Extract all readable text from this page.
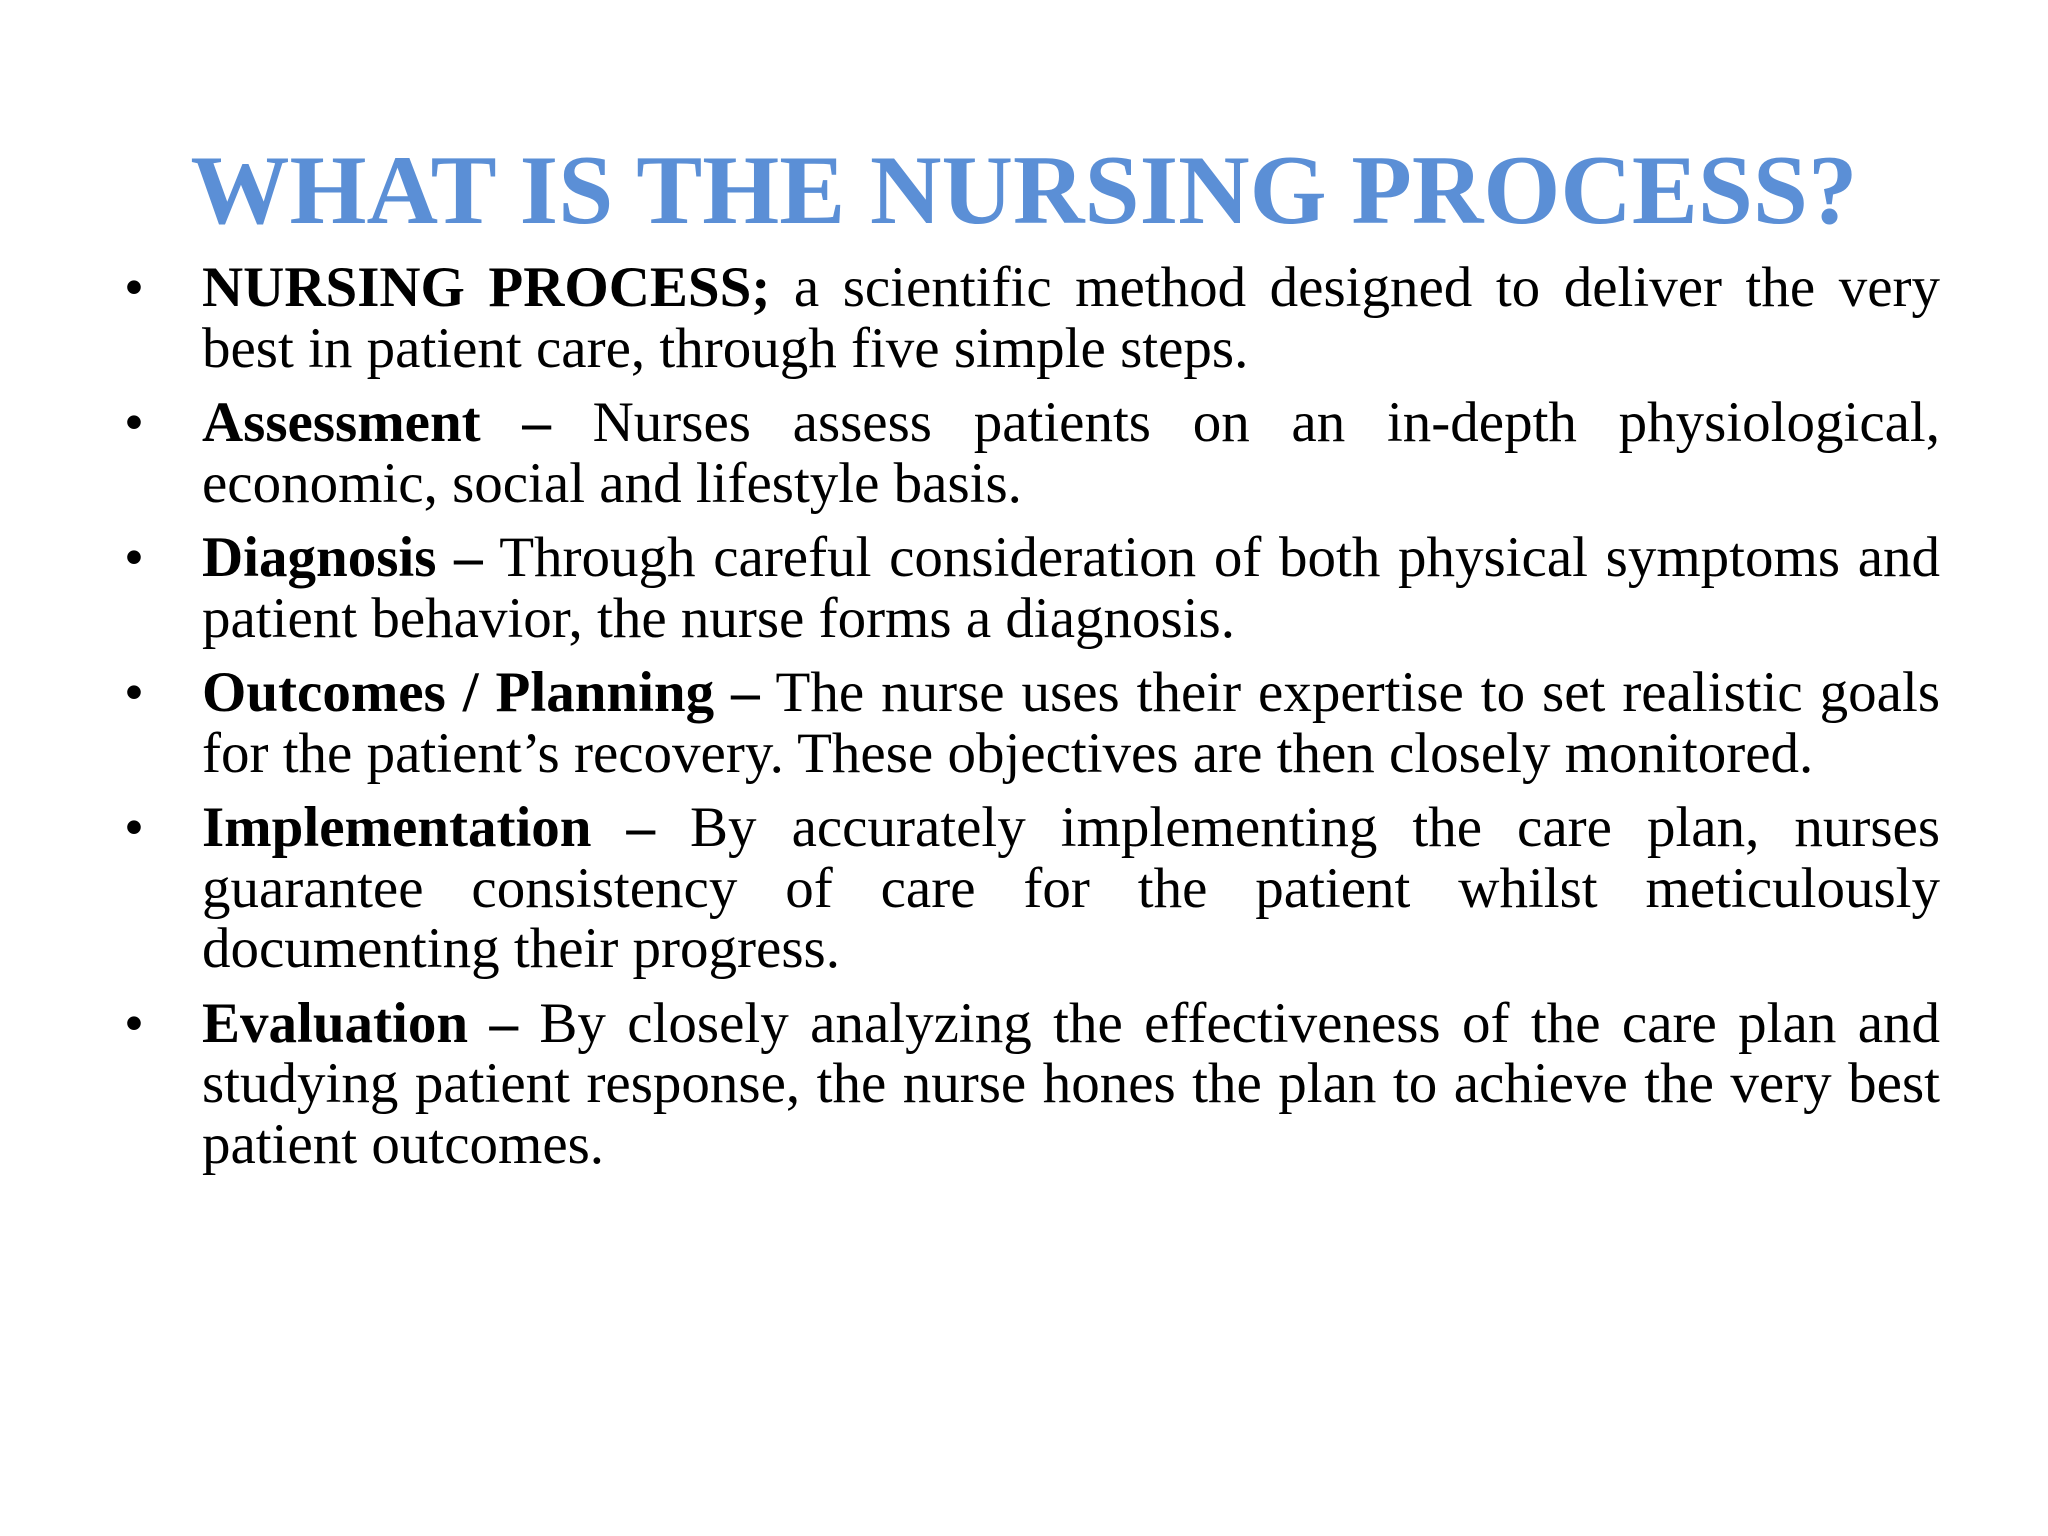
WHAT IS THE NURSING PROCESS?
•	NURSING PROCESS; a scientific method designed to deliver the very best in patient care, through five simple steps.
•	Assessment – Nurses assess patients on an in-depth physiological, economic, social and lifestyle basis.
•	Diagnosis – Through careful consideration of both physical symptoms and patient behavior, the nurse forms a diagnosis.
•	Outcomes / Planning – The nurse uses their expertise to set realistic goals for the patient’s recovery. These objectives are then closely monitored.
•	Implementation – By accurately implementing the care plan, nurses guarantee consistency of care for the patient whilst meticulously documenting their progress.
•	Evaluation – By closely analyzing the effectiveness of the care plan and studying patient response, the nurse hones the plan to achieve the very best patient outcomes.
